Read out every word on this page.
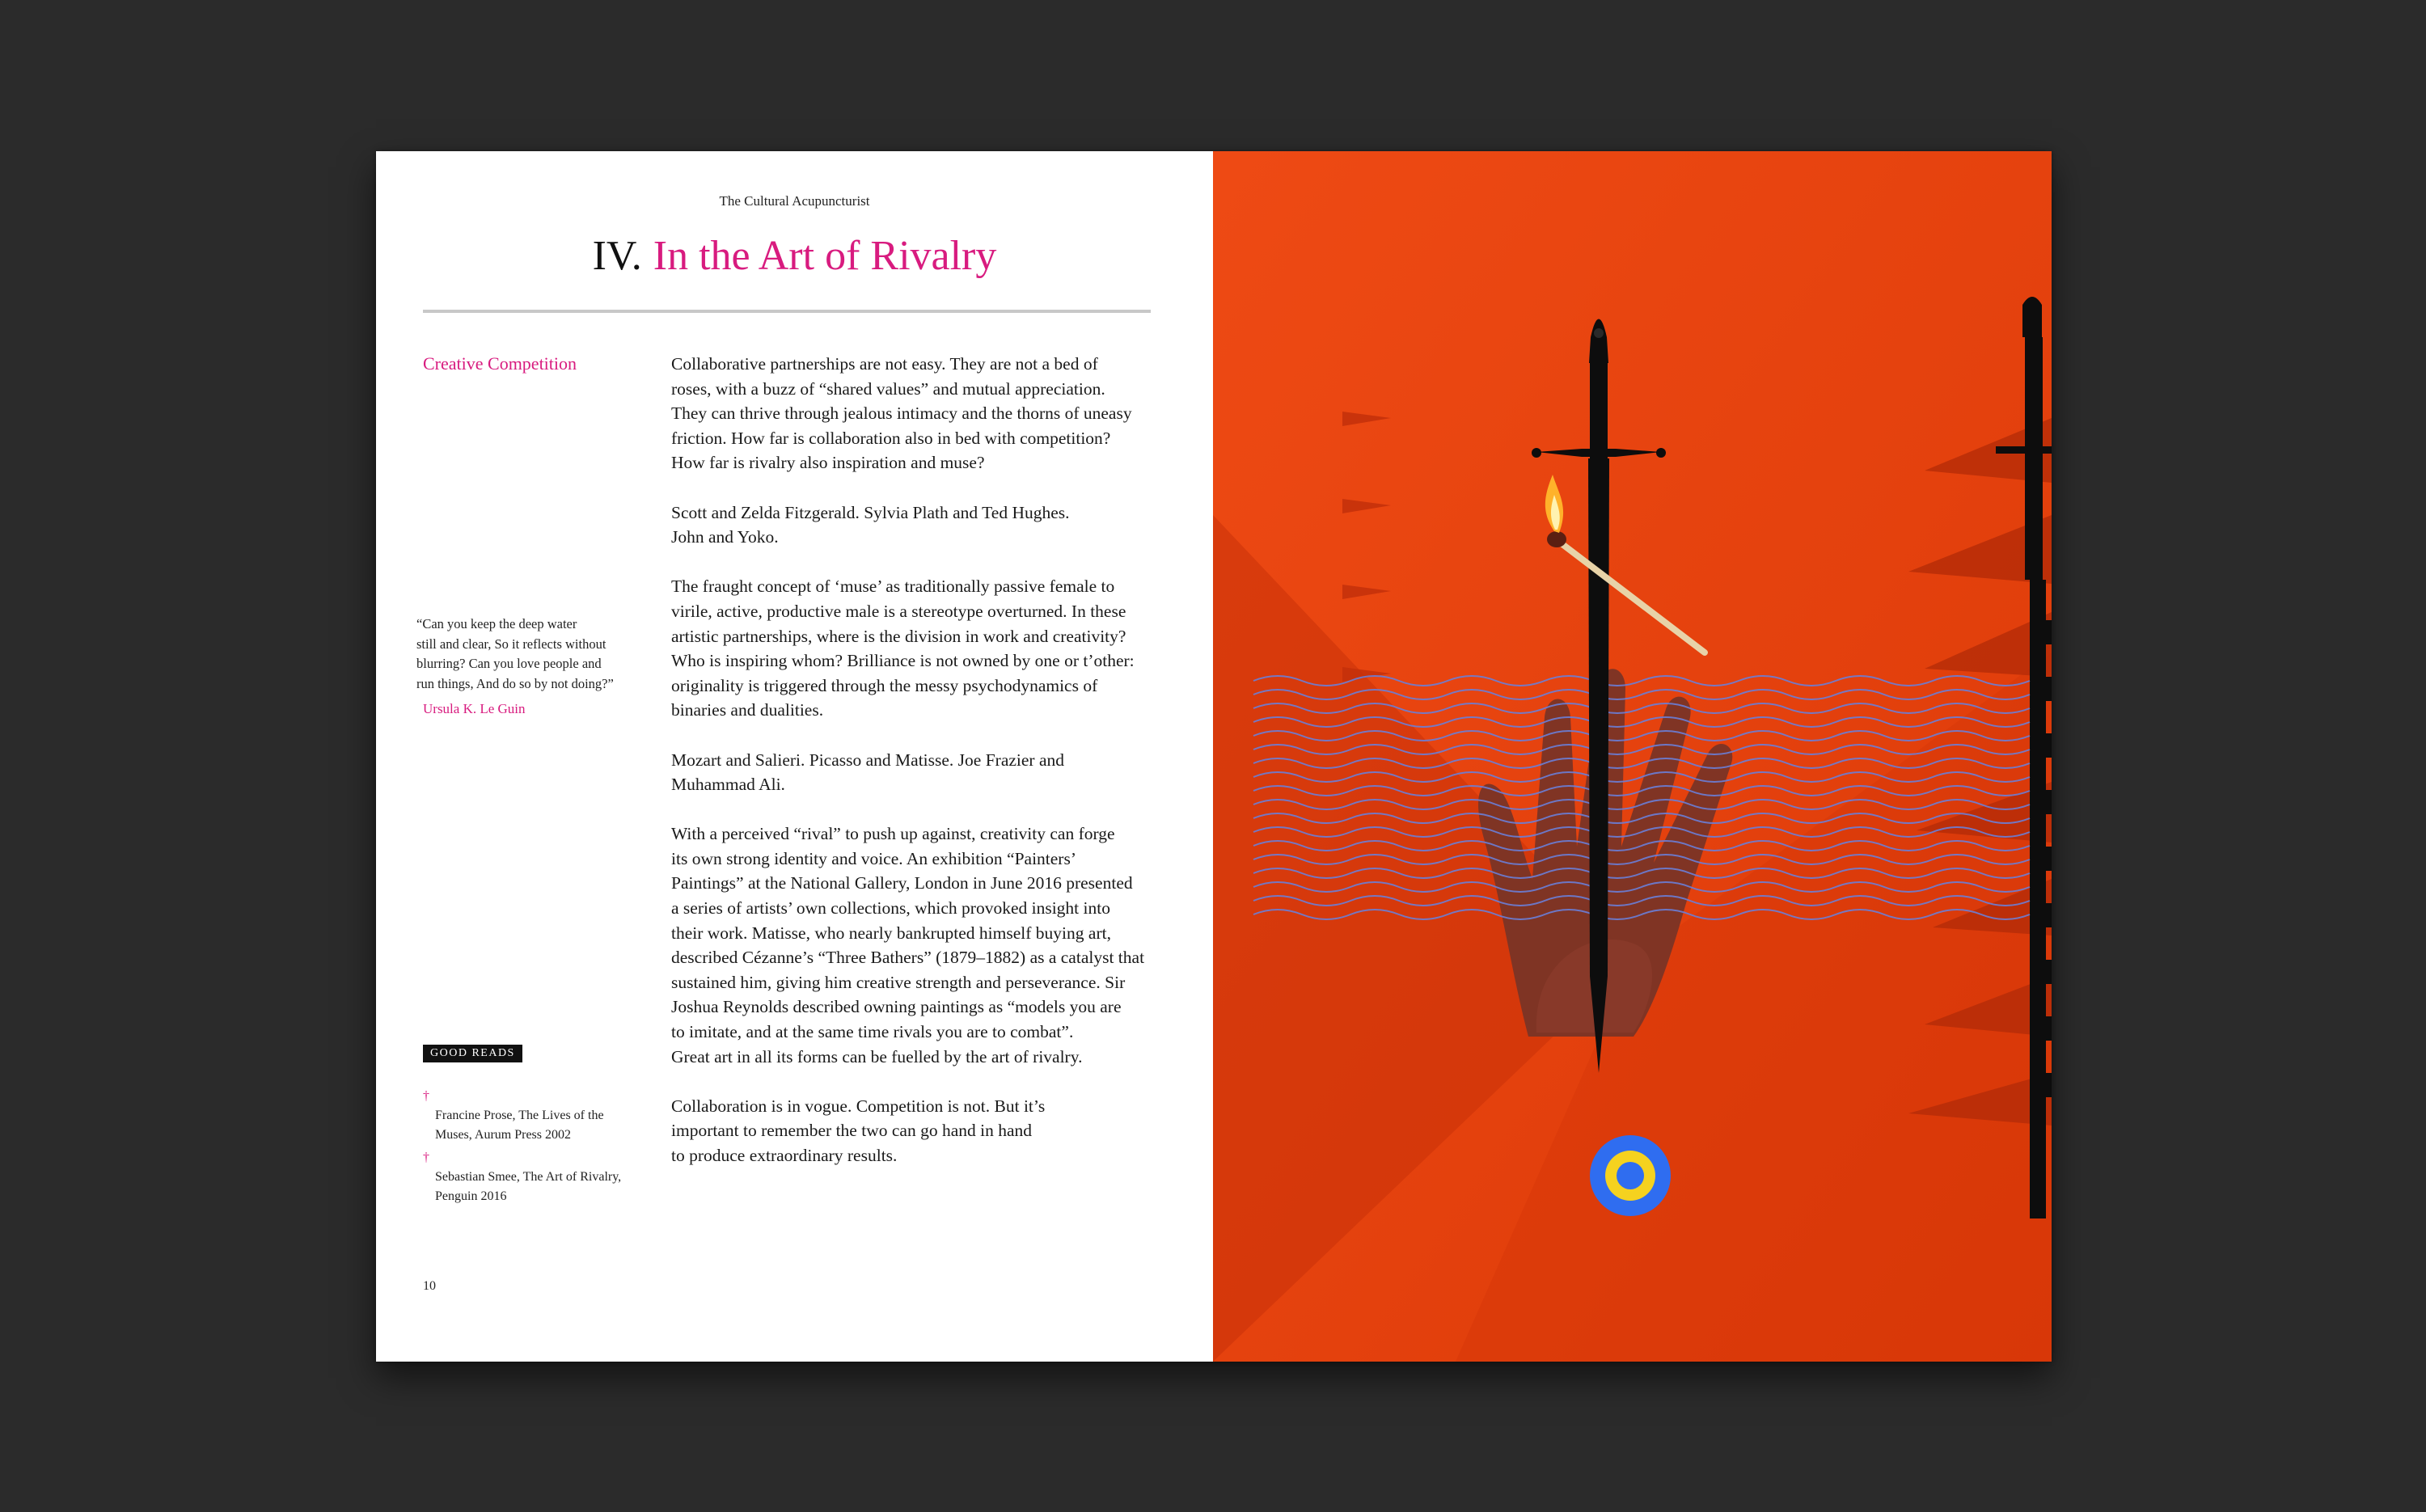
The Cultural Acupuncturist
IV. In the Art of Rivalry
Creative Competition	Collaborative partnerships are not easy. They are not a bed of
roses, with a buzz of “shared values” and mutual appreciation.
They can thrive through jealous intimacy and the thorns of uneasy
friction. How far is collaboration also in bed with competition?
How far is rivalry also inspiration and muse?

Scott and Zelda Fitzgerald. Sylvia Plath and Ted Hughes.
John and Yoko.

The fraught concept of ‘muse’ as traditionally passive female to
virile, active, productive male is a stereotype overturned. In these
artistic partnerships, where is the division in work and creativity?
Who is inspiring whom? Brilliance is not owned by one or t’other:
originality is triggered through the messy psychodynamics of
binaries and dualities.

Mozart and Salieri. Picasso and Matisse. Joe Frazier and
Muhammad Ali.

With a perceived “rival” to push up against, creativity can forge
its own strong identity and voice. An exhibition “Painters’
Paintings” at the National Gallery, London in June 2016 presented
a series of artists’ own collections, which provoked insight into
their work. Matisse, who nearly bankrupted himself buying art,
described Cézanne’s “Three Bathers” (1879–1882) as a catalyst that
sustained him, giving him creative strength and perseverance. Sir
Joshua Reynolds described owning paintings as “models you are
to imitate, and at the same time rivals you are to combat”.
Great art in all its forms can be fuelled by the art of rivalry.

Collaboration is in vogue. Competition is not. But it’s
important to remember the two can go hand in hand
to produce extraordinary results.

“Can you keep the deep water
still and clear, So it reflects without
blurring? Can you love people and
run things, And do so by not doing?”
Ursula K. Le Guin
GOOD READS

†
Francine Prose, The Lives of the
Muses, Aurum Press 2002

†
Sebastian Smee, The Art of Rivalry,
Penguin 2016

10
